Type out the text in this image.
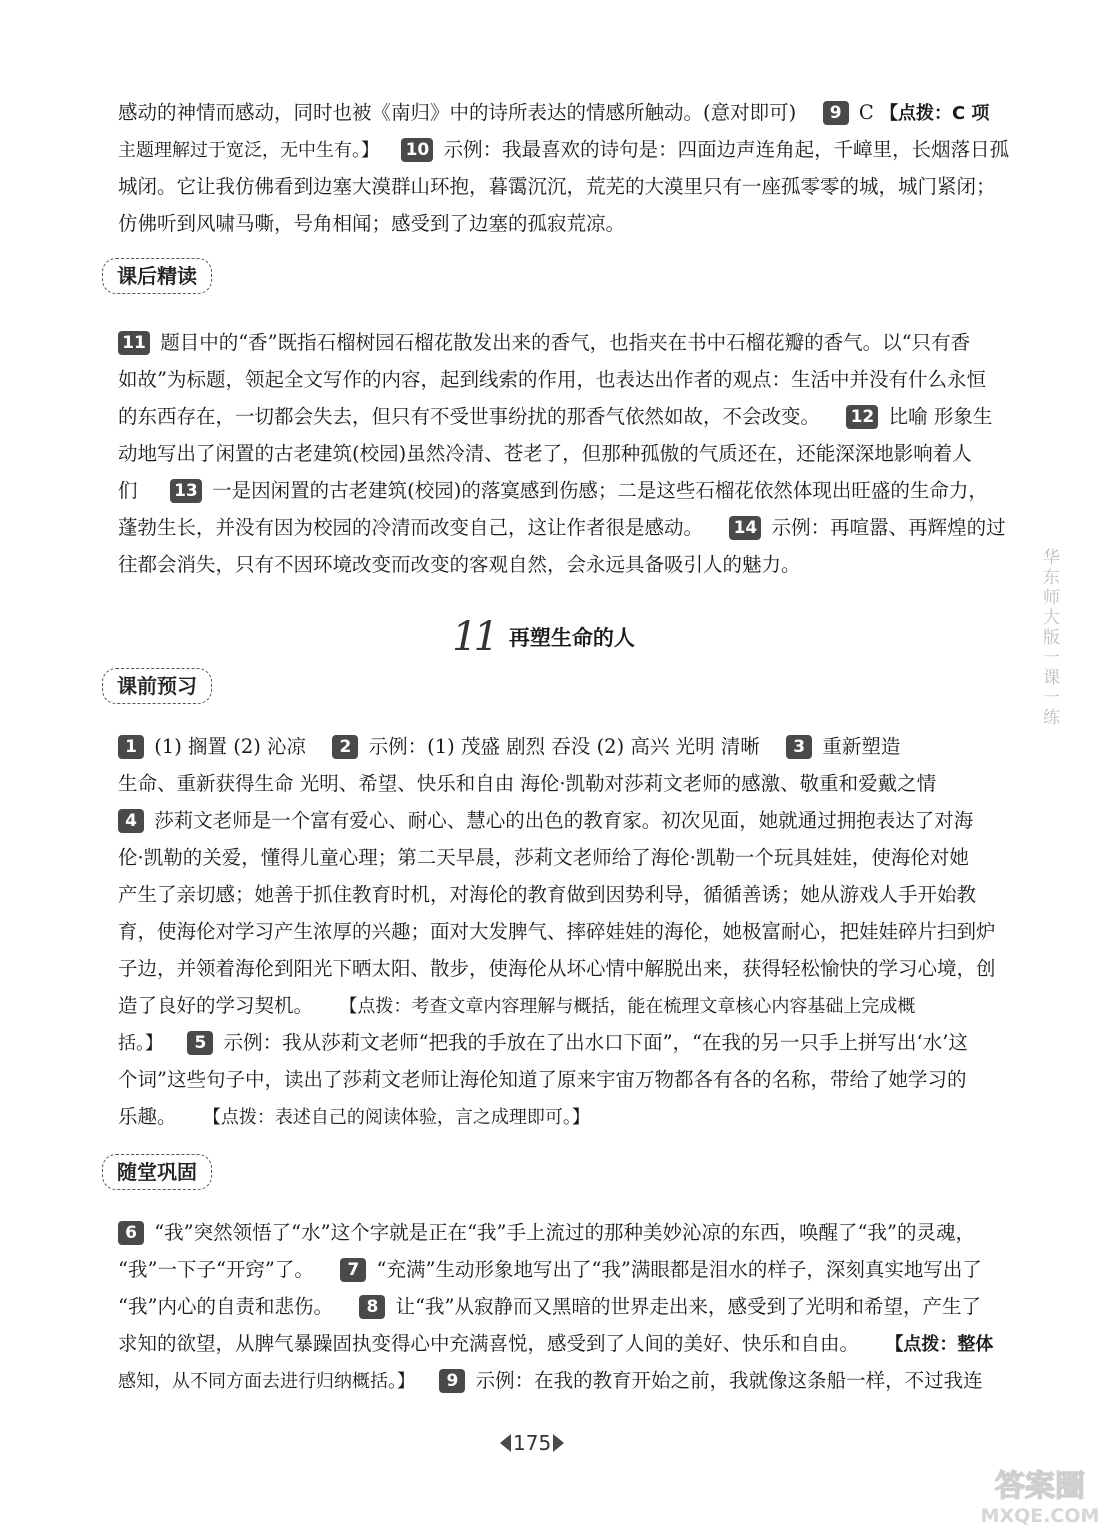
感动的神情而感动，同时也被《南归》中的诗所表达的情感所触动。(意对即可) 9 C 【点拨：C 项
主题理解过于宽泛，无中生有。】 10 示例：我最喜欢的诗句是：四面边声连角起，千嶂里，长烟落日孤
城闭。它让我仿佛看到边塞大漠群山环抱，暮霭沉沉，荒芜的大漠里只有一座孤零零的城，城门紧闭；
仿佛听到风啸马嘶，号角相闻；感受到了边塞的孤寂荒凉。
课后精读
11 题目中的“香”既指石榴树园石榴花散发出来的香气，也指夹在书中石榴花瓣的香气。以“只有香
如故”为标题，领起全文写作的内容，起到线索的作用，也表达出作者的观点：生活中并没有什么永恒
的东西存在，一切都会失去，但只有不受世事纷扰的那香气依然如故，不会改变。 12 比喻 形象生
动地写出了闲置的古老建筑(校园)虽然冷清、苍老了，但那种孤傲的气质还在，还能深深地影响着人
们 13 一是因闲置的古老建筑(校园)的落寞感到伤感；二是这些石榴花依然体现出旺盛的生命力，
蓬勃生长，并没有因为校园的冷清而改变自己，这让作者很是感动。 14 示例：再喧嚣、再辉煌的过
往都会消失，只有不因环境改变而改变的客观自然，会永远具备吸引人的魅力。
11 再塑生命的人
课前预习
1 (1) 搁置 (2) 沁凉 2 示例：(1) 茂盛 剧烈 吞没 (2) 高兴 光明 清晰 3 重新塑造
生命、重新获得生命 光明、希望、快乐和自由 海伦·凯勒对莎莉文老师的感激、敬重和爱戴之情
4 莎莉文老师是一个富有爱心、耐心、慧心的出色的教育家。初次见面，她就通过拥抱表达了对海
伦·凯勒的关爱，懂得儿童心理；第二天早晨，莎莉文老师给了海伦·凯勒一个玩具娃娃，使海伦对她
产生了亲切感；她善于抓住教育时机，对海伦的教育做到因势利导，循循善诱；她从游戏人手开始教
育，使海伦对学习产生浓厚的兴趣；面对大发脾气、摔碎娃娃的海伦，她极富耐心，把娃娃碎片扫到炉
子边，并领着海伦到阳光下晒太阳、散步，使海伦从坏心情中解脱出来，获得轻松愉快的学习心境，创
造了良好的学习契机。 【点拨：考查文章内容理解与概括，能在梳理文章核心内容基础上完成概
括。】 5 示例：我从莎莉文老师“把我的手放在了出水口下面”，“在我的另一只手上拼写出‘水’这
个词”这些句子中，读出了莎莉文老师让海伦知道了原来宇宙万物都各有各的名称，带给了她学习的
乐趣。 【点拨：表述自己的阅读体验，言之成理即可。】
随堂巩固
6 “我”突然领悟了“水”这个字就是正在“我”手上流过的那种美妙沁凉的东西，唤醒了“我”的灵魂，
“我”一下子“开窍”了。 7 “充满”生动形象地写出了“我”满眼都是泪水的样子，深刻真实地写出了
“我”内心的自责和悲伤。 8 让“我”从寂静而又黑暗的世界走出来，感受到了光明和希望，产生了
求知的欲望，从脾气暴躁固执变得心中充满喜悦，感受到了人间的美好、快乐和自由。 【点拨：整体
感知，从不同方面去进行归纳概括。】 9 示例：在我的教育开始之前，我就像这条船一样，不过我连
华东师大版一课一练
175
答案圈
MXQE.COM
